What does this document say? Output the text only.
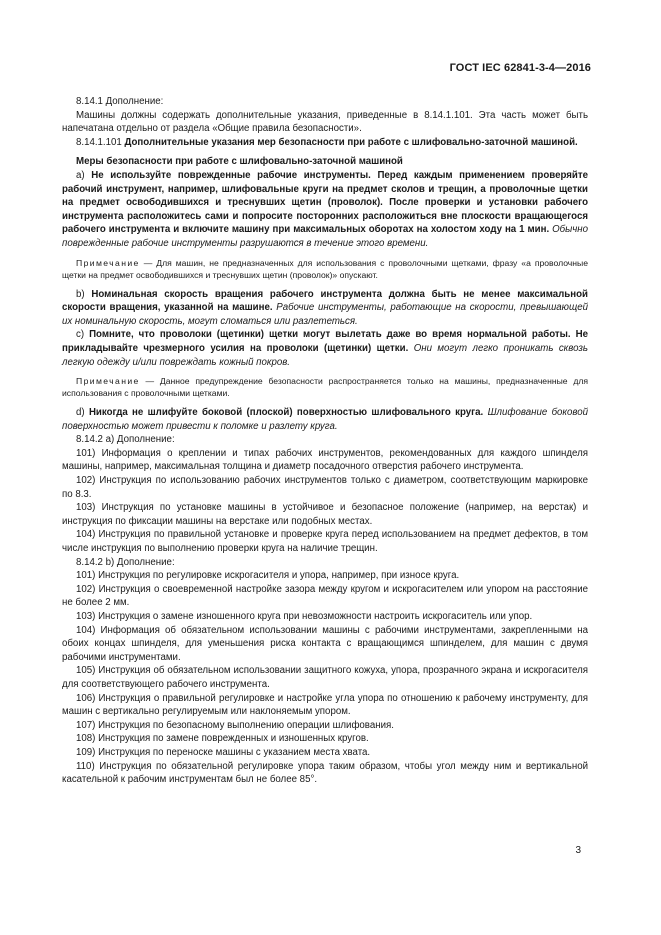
ГОСТ IEC 62841-3-4—2016

8.14.1 Дополнение:

Машины должны содержать дополнительные указания, приведенные в 8.14.1.101. Эта часть может быть напечатана отдельно от раздела «Общие правила безопасности».

8.14.1.101 Дополнительные указания мер безопасности при работе с шлифовально-заточной машиной.

Меры безопасности при работе с шлифовально-заточной машиной

a) Не используйте поврежденные рабочие инструменты. Перед каждым применением проверяйте рабочий инструмент, например, шлифовальные круги на предмет сколов и трещин, а проволочные щетки на предмет освободившихся и треснувших щетин (проволок). После проверки и установки рабочего инструмента расположитесь сами и попросите посторонних расположиться вне плоскости вращающегося рабочего инструмента и включите машину при максимальных оборотах на холостом ходу на 1 мин. Обычно поврежденные рабочие инструменты разрушаются в течение этого времени.

Примечание — Для машин, не предназначенных для использования с проволочными щетками, фразу «а проволочные щетки на предмет освободившихся и треснувших щетин (проволок)» опускают.

b) Номинальная скорость вращения рабочего инструмента должна быть не менее максимальной скорости вращения, указанной на машине. Рабочие инструменты, работающие на скорости, превышающей их номинальную скорость, могут сломаться или разлететься.

c) Помните, что проволоки (щетинки) щетки могут вылетать даже во время нормальной работы. Не прикладывайте чрезмерного усилия на проволоки (щетинки) щетки. Они могут легко проникать сквозь легкую одежду и/или повреждать кожный покров.

Примечание — Данное предупреждение безопасности распространяется только на машины, предназначенные для использования с проволочными щетками.

d) Никогда не шлифуйте боковой (плоской) поверхностью шлифовального круга. Шлифование боковой поверхностью может привести к поломке и разлету круга.

8.14.2 a) Дополнение:

101) Информация о креплении и типах рабочих инструментов, рекомендованных для каждого шпинделя машины, например, максимальная толщина и диаметр посадочного отверстия рабочего инструмента.

102) Инструкция по использованию рабочих инструментов только с диаметром, соответствующим маркировке по 8.3.

103) Инструкция по установке машины в устойчивое и безопасное положение (например, на верстак) и инструкция по фиксации машины на верстаке или подобных местах.

104) Инструкция по правильной установке и проверке круга перед использованием на предмет дефектов, в том числе инструкция по выполнению проверки круга на наличие трещин.

8.14.2 b) Дополнение:

101) Инструкция по регулировке искрогасителя и упора, например, при износе круга.

102) Инструкция о своевременной настройке зазора между кругом и искрогасителем или упором на расстояние не более 2 мм.

103) Инструкция о замене изношенного круга при невозможности настроить искрогаситель или упор.

104) Информация об обязательном использовании машины с рабочими инструментами, закрепленными на обоих концах шпинделя, для уменьшения риска контакта с вращающимся шпинделем, для машин с двумя рабочими инструментами.

105) Инструкция об обязательном использовании защитного кожуха, упора, прозрачного экрана и искрогасителя для соответствующего рабочего инструмента.

106) Инструкция о правильной регулировке и настройке угла упора по отношению к рабочему инструменту, для машин с вертикально регулируемым или наклоняемым упором.

107) Инструкция по безопасному выполнению операции шлифования.

108) Инструкция по замене поврежденных и изношенных кругов.

109) Инструкция по переноске машины с указанием места хвата.

110) Инструкция по обязательной регулировке упора таким образом, чтобы угол между ним и вертикальной касательной к рабочим инструментам был не более 85°.

3
